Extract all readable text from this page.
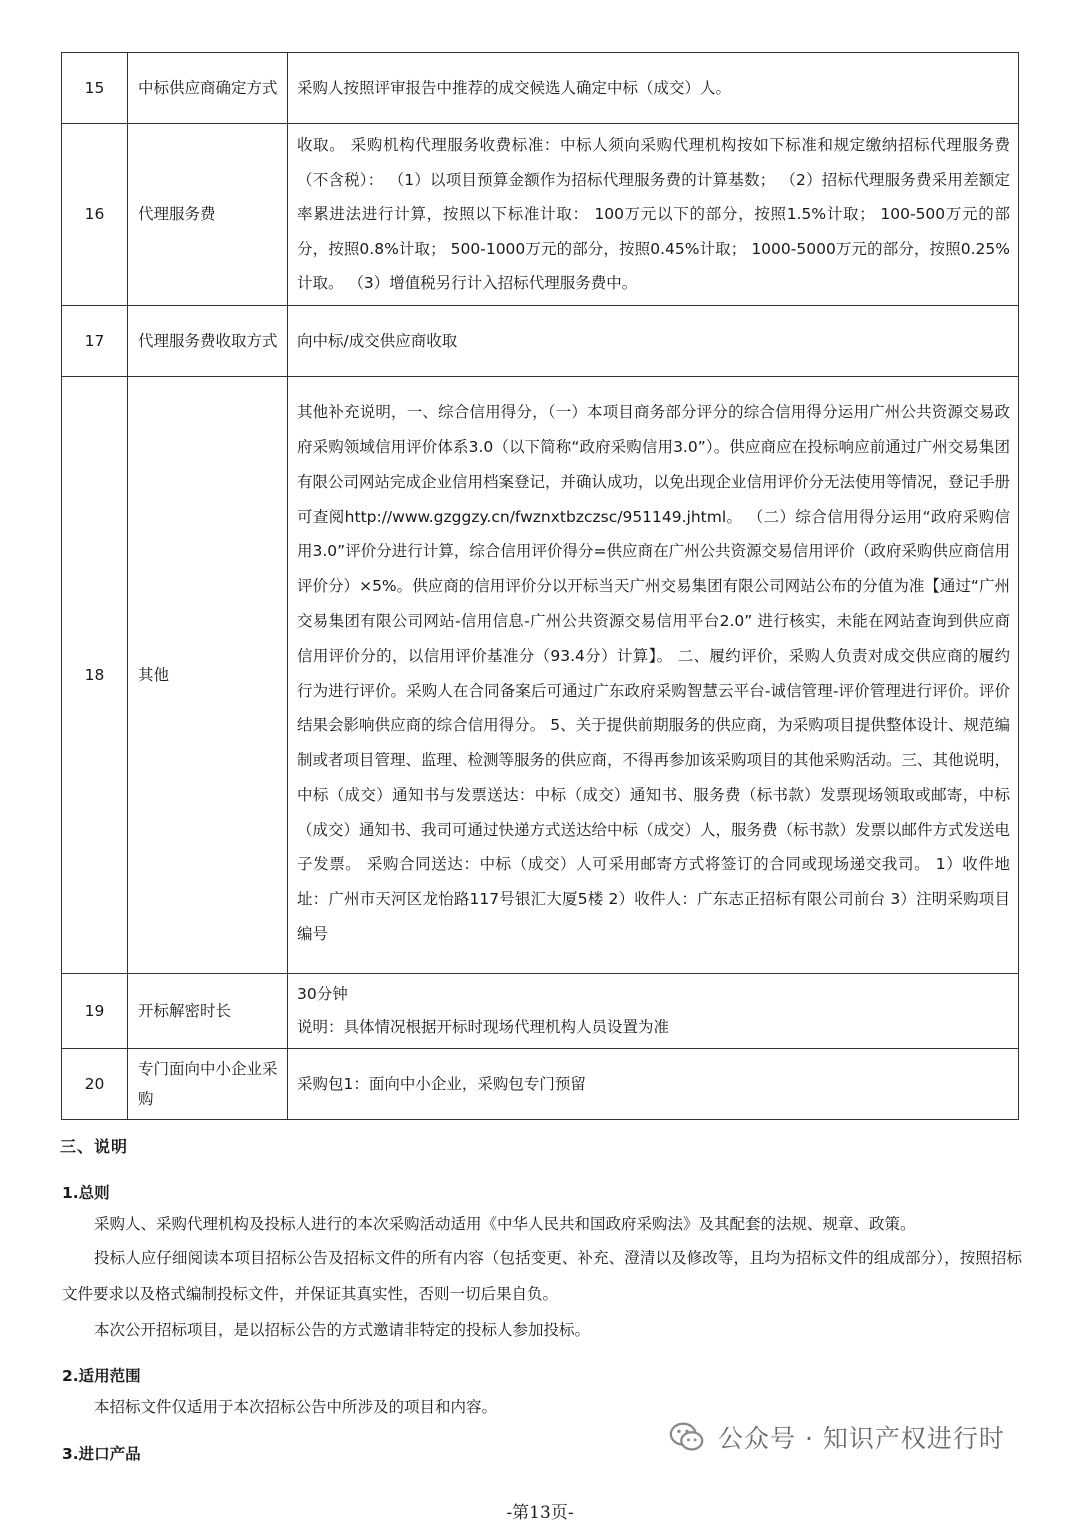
15	中标供应商确定方式	采购人按照评审报告中推荐的成交候选人确定中标（成交）人。

16	代理服务费	收取。 采购机构代理服务收费标准：中标人须向采购代理机构按如下标准和规定缴纳招标代理服务费（不含税）： （1）以项目预算金额作为招标代理服务费的计算基数； （2）招标代理服务费采用差额定率累进法进行计算，按照以下标准计取： 100万元以下的部分，按照1.5%计取； 100-500万元的部分，按照0.8%计取； 500-1000万元的部分，按照0.45%计取； 1000-5000万元的部分，按照0.25%计取。 （3）增值税另行计入招标代理服务费中。

17	代理服务费收取方式	向中标/成交供应商收取

18	其他	其他补充说明，一、综合信用得分，（一）本项目商务部分评分的综合信用得分运用广州公共资源交易政府采购领域信用评价体系3.0（以下简称“政府采购信用3.0”）。供应商应在投标响应前通过广州交易集团有限公司网站完成企业信用档案登记，并确认成功，以免出现企业信用评价分无法使用等情况，登记手册可查阅http://www.gzggzy.cn/fwznxtbzczsc/951149.jhtml。 （二）综合信用得分运用“政府采购信用3.0”评价分进行计算，综合信用评价得分=供应商在广州公共资源交易信用评价（政府采购供应商信用评价分）×5%。供应商的信用评价分以开标当天广州交易集团有限公司网站公布的分值为准【通过“广州交易集团有限公司网站-信用信息-广州公共资源交易信用平台2.0” 进行核实，未能在网站查询到供应商信用评价分的，以信用评价基准分（93.4分）计算】。 二、履约评价，采购人负责对成交供应商的履约行为进行评价。采购人在合同备案后可通过广东政府采购智慧云平台-诚信管理-评价管理进行评价。评价结果会影响供应商的综合信用得分。 5、关于提供前期服务的供应商，为采购项目提供整体设计、规范编制或者项目管理、监理、检测等服务的供应商，不得再参加该采购项目的其他采购活动。三、其他说明，中标（成交）通知书与发票送达：中标（成交）通知书、服务费（标书款）发票现场领取或邮寄，中标（成交）通知书、我司可通过快递方式送达给中标（成交）人，服务费（标书款）发票以邮件方式发送电子发票。 采购合同送达：中标（成交）人可采用邮寄方式将签订的合同或现场递交我司。 1）收件地址：广州市天河区龙怡路117号银汇大厦5楼 2）收件人：广东志正招标有限公司前台 3）注明采购项目编号

19	开标解密时长	30分钟
说明：具体情况根据开标时现场代理机构人员设置为准

20	专门面向中小企业采购	采购包1：面向中小企业，采购包专门预留
三、说明
1.总则
采购人、采购代理机构及投标人进行的本次采购活动适用《中华人民共和国政府采购法》及其配套的法规、规章、政策。
投标人应仔细阅读本项目招标公告及招标文件的所有内容（包括变更、补充、澄清以及修改等，且均为招标文件的组成部分），按照招标文件要求以及格式编制投标文件，并保证其真实性，否则一切后果自负。
本次公开招标项目，是以招标公告的方式邀请非特定的投标人参加投标。
2.适用范围
本招标文件仅适用于本次招标公告中所涉及的项目和内容。
3.进口产品
公众号 · 知识产权进行时
-第13页-
